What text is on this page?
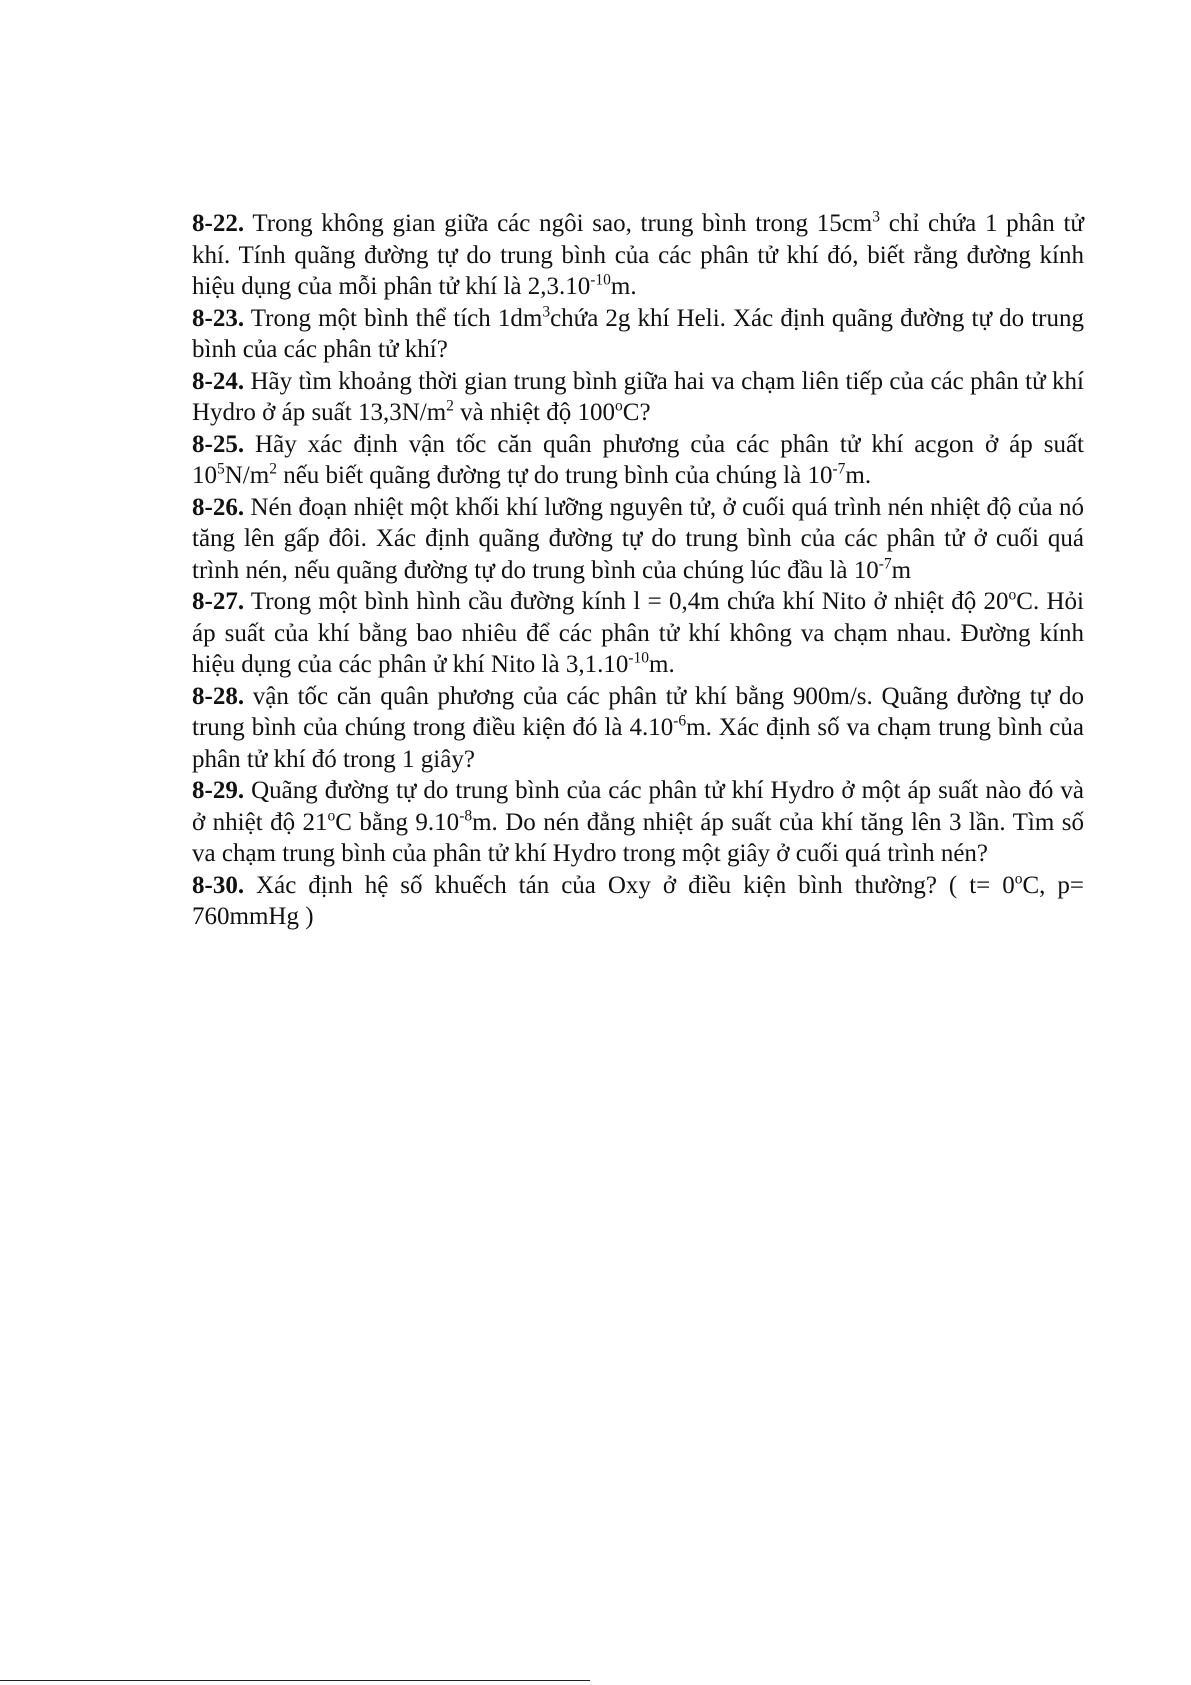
8-22. Trong không gian giữa các ngôi sao, trung bình trong $15cm^3$ chỉ chứa 1 phân tử khí. Tính quãng đường tự do trung bình của các phân tử khí đó, biết rằng đường kính hiệu dụng của mỗi phân tử khí là $2,3.10^{-10}m$.

8-23. Trong một bình thể tích $1dm^3chứa$ 2g khí Heli. Xác định quãng đường tự do trung bình của các phân tử khí?

8-24. Hãy tìm khoảng thời gian trung bình giữa hai va chạm liên tiếp của các phân tử khí Hydro ở áp suất $13,3N/m^2$ và nhiệt độ 100$^o$C?

8-25. Hãy xác định vận tốc căn quân phương của các phân tử khí acgon ở áp suất $10^5N/m^2$ nếu biết quãng đường tự do trung bình của chúng là $10^{-7}m$.

8-26. Nén đoạn nhiệt một khối khí lưỡng nguyên tử, ở cuối quá trình nén nhiệt độ của nó tăng lên gấp đôi. Xác định quãng đường tự do trung bình của các phân tử ở cuối quá trình nén, nếu quãng đường tự do trung bình của chúng lúc đầu là $10^{-7}m$

8-27. Trong một bình hình cầu đường kính l = 0,4m chứa khí Nito ở nhiệt độ 20$^o$C. Hỏi áp suất của khí bằng bao nhiêu để các phân tử khí không va chạm nhau. Đường kính hiệu dụng của các phân ử khí Nito là $3,1.10^{-10}m$.

8-28. vận tốc căn quân phương của các phân tử khí bằng 900m/s. Quãng đường tự do trung bình của chúng trong điều kiện đó là $4.10^{-6}m$. Xác định số va chạm trung bình của phân tử khí đó trong 1 giây?

8-29. Quãng đường tự do trung bình của các phân tử khí Hydro ở một áp suất nào đó và ở nhiệt độ 21$^o$C bằng $9.10^{-8}m$. Do nén đẳng nhiệt áp suất của khí tăng lên 3 lần. Tìm số va chạm trung bình của phân tử khí Hydro trong một giây ở cuối quá trình nén?

8-30. Xác định hệ số khuếch tán của Oxy ở điều kiện bình thường? ( $t= 0^oC$, p= 760mmHg )
